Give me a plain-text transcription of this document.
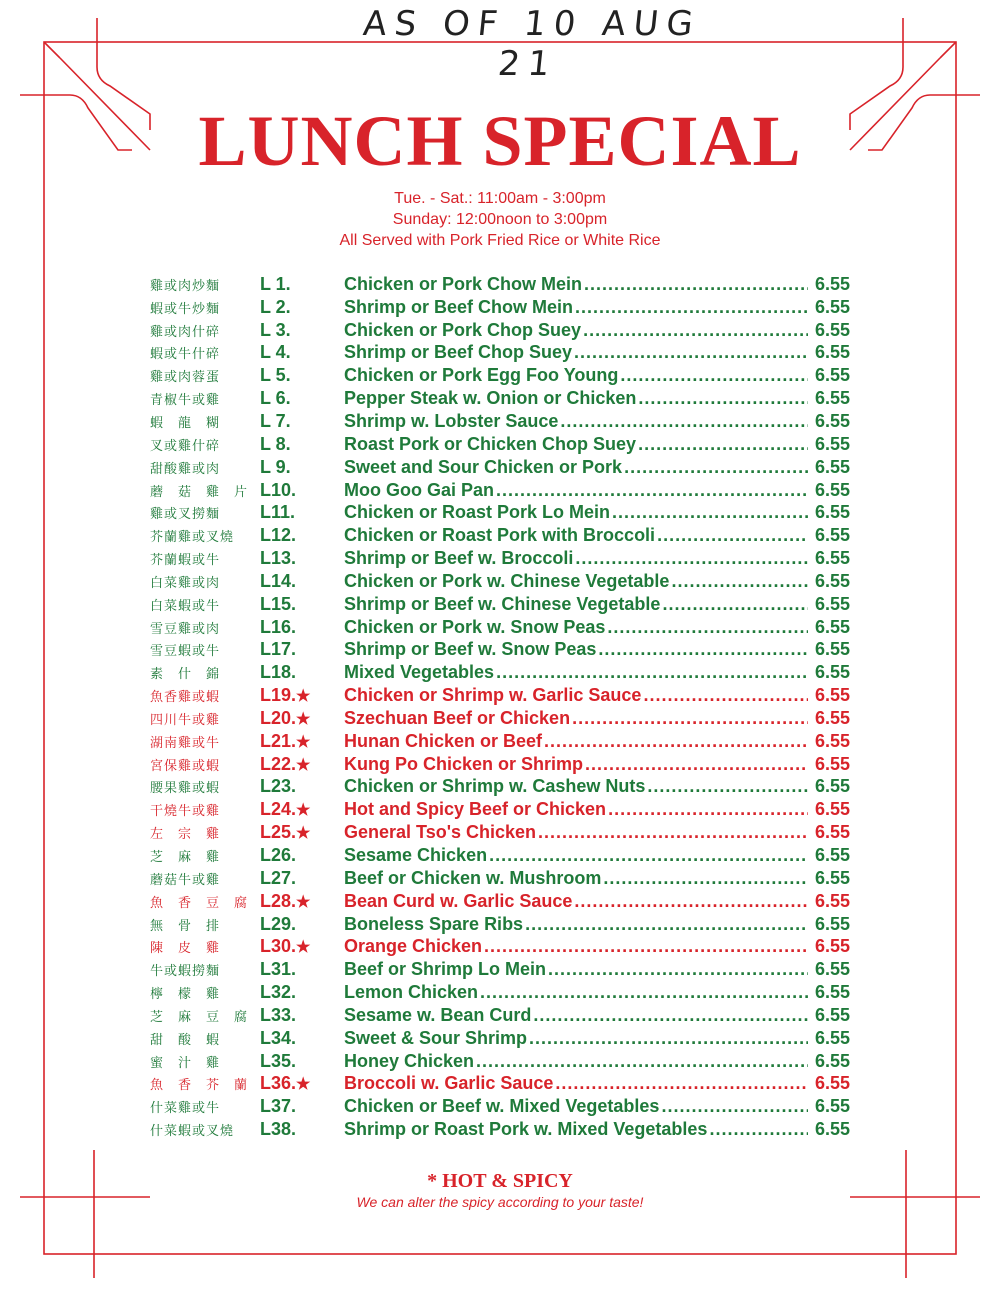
AS OF 10 AUG 21
LUNCH SPECIAL
Tue. - Sat.: 11:00am - 3:00pm
Sunday: 12:00noon to 3:00pm
All Served with Pork Fried Rice or White Rice
雞或肉炒麵	L 1.	Chicken or Pork Chow Mein .....	6.55
蝦或牛炒麵	L 2.	Shrimp or Beef Chow Mein .....	6.55
雞或肉什碎	L 3.	Chicken or Pork Chop Suey .....	6.55
蝦或牛什碎	L 4.	Shrimp or Beef Chop Suey .....	6.55
雞或肉蓉蛋	L 5.	Chicken or Pork Egg Foo Young .....	6.55
青椒牛或雞	L 6.	Pepper Steak w. Onion or Chicken .....	6.55
蝦　龍　糊	L 7.	Shrimp w. Lobster Sauce .....	6.55
叉或雞什碎	L 8.	Roast Pork or Chicken Chop Suey .....	6.55
甜酸雞或肉	L 9.	Sweet and Sour Chicken or Pork .....	6.55
蘑　菇　雞　片 L10.	Moo Goo Gai Pan .....	6.55
雞或叉撈麵	L11.	Chicken or Roast Pork Lo Mein .....	6.55
芥蘭雞或叉燒	L12.	Chicken or Roast Pork with Broccoli .....	6.55
芥蘭蝦或牛	L13.	Shrimp or Beef w. Broccoli .....	6.55
白菜雞或肉	L14.	Chicken or Pork w. Chinese Vegetable .....	6.55
白菜蝦或牛	L15.	Shrimp or Beef w. Chinese Vegetable .....	6.55
雪豆雞或肉	L16.	Chicken or Pork w. Snow Peas .....	6.55
雪豆蝦或牛	L17.	Shrimp or Beef w. Snow Peas .....	6.55
素　什　錦	L18.	Mixed Vegetables .....	6.55
魚香雞或蝦	L19.★	Chicken or Shrimp w. Garlic Sauce .....	6.55
四川牛或雞	L20.★	Szechuan Beef or Chicken .....	6.55
湖南雞或牛	L21.★	Hunan Chicken or Beef .....	6.55
宮保雞或蝦	L22.★	Kung Po Chicken or Shrimp .....	6.55
腰果雞或蝦	L23.	Chicken or Shrimp w. Cashew Nuts .....	6.55
干燒牛或雞	L24.★	Hot and Spicy Beef or Chicken .....	6.55
左　宗　雞	L25.★	General Tso's Chicken .....	6.55
芝　麻　雞	L26.	Sesame Chicken .....	6.55
蘑菇牛或雞	L27.	Beef or Chicken w. Mushroom .....	6.55
魚　香　豆　腐 L28.★	Bean Curd w. Garlic Sauce .....	6.55
無　骨　排	L29.	Boneless Spare Ribs .....	6.55
陳　皮　雞	L30.★	Orange Chicken .....	6.55
牛或蝦撈麵	L31.	Beef or Shrimp Lo Mein .....	6.55
檸　檬　雞	L32.	Lemon Chicken .....	6.55
芝　麻　豆　腐 L33.	Sesame w. Bean Curd .....	6.55
甜　酸　蝦	L34.	Sweet & Sour Shrimp .....	6.55
蜜　汁　雞	L35.	Honey Chicken .....	6.55
魚　香　芥　蘭 L36.★	Broccoli w. Garlic Sauce .....	6.55
什菜雞或牛	L37.	Chicken or Beef w. Mixed Vegetables .....	6.55
什菜蝦或叉燒	L38.	Shrimp or Roast Pork w. Mixed Vegetables .....	6.55
* HOT & SPICY
We can alter the spicy according to your taste!
